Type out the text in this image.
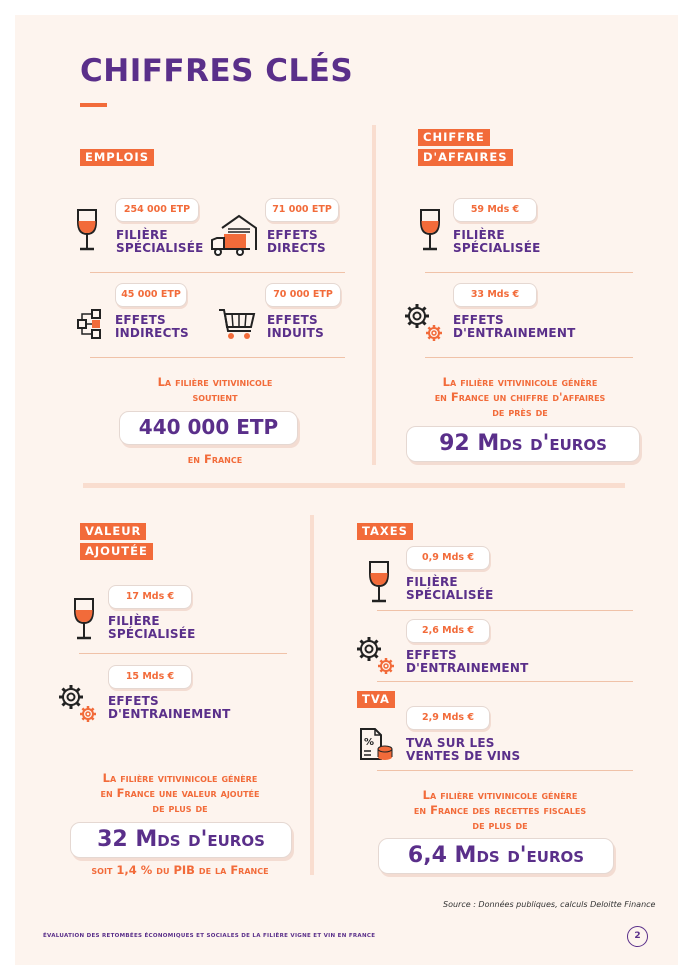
CHIFFRES CLÉS
EMPLOIS
254 000 ETP
FILIÈRE
SPÉCIALISÉE
71 000 ETP
EFFETS
DIRECTS
45 000 ETP
EFFETS
INDIRECTS
70 000 ETP
EFFETS
INDUITS
La filière vitivinicole
soutient
440 000 ETP
en France
CHIFFRE
D'AFFAIRES
59 Mds €
FILIÈRE
SPÉCIALISÉE
33 Mds €
EFFETS
D'ENTRAINEMENT
La filière vitivinicole génère
en France un chiffre d'affaires
de près de
92 Mds d'euros
VALEUR
AJOUTÉE
17 Mds €
FILIÈRE
SPÉCIALISÉE
15 Mds €
EFFETS
D'ENTRAINEMENT
La filière vitivinicole génère
en France une valeur ajoutée
de plus de
32 Mds d'euros
soit 1,4 % du PIB de la France
TAXES
0,9 Mds €
FILIÈRE
SPÉCIALISÉE
2,6 Mds €
EFFETS
D'ENTRAINEMENT
TVA
%
2,9 Mds €
TVA SUR LES
VENTES DE VINS
La filière vitivinicole génère
en France des recettes fiscales
de plus de
6,4 Mds d'euros
Source : Données publiques, calculs Deloitte Finance
ÉVALUATION DES RETOMBÉES ÉCONOMIQUES ET SOCIALES DE LA FILIÈRE VIGNE ET VIN EN FRANCE	2
